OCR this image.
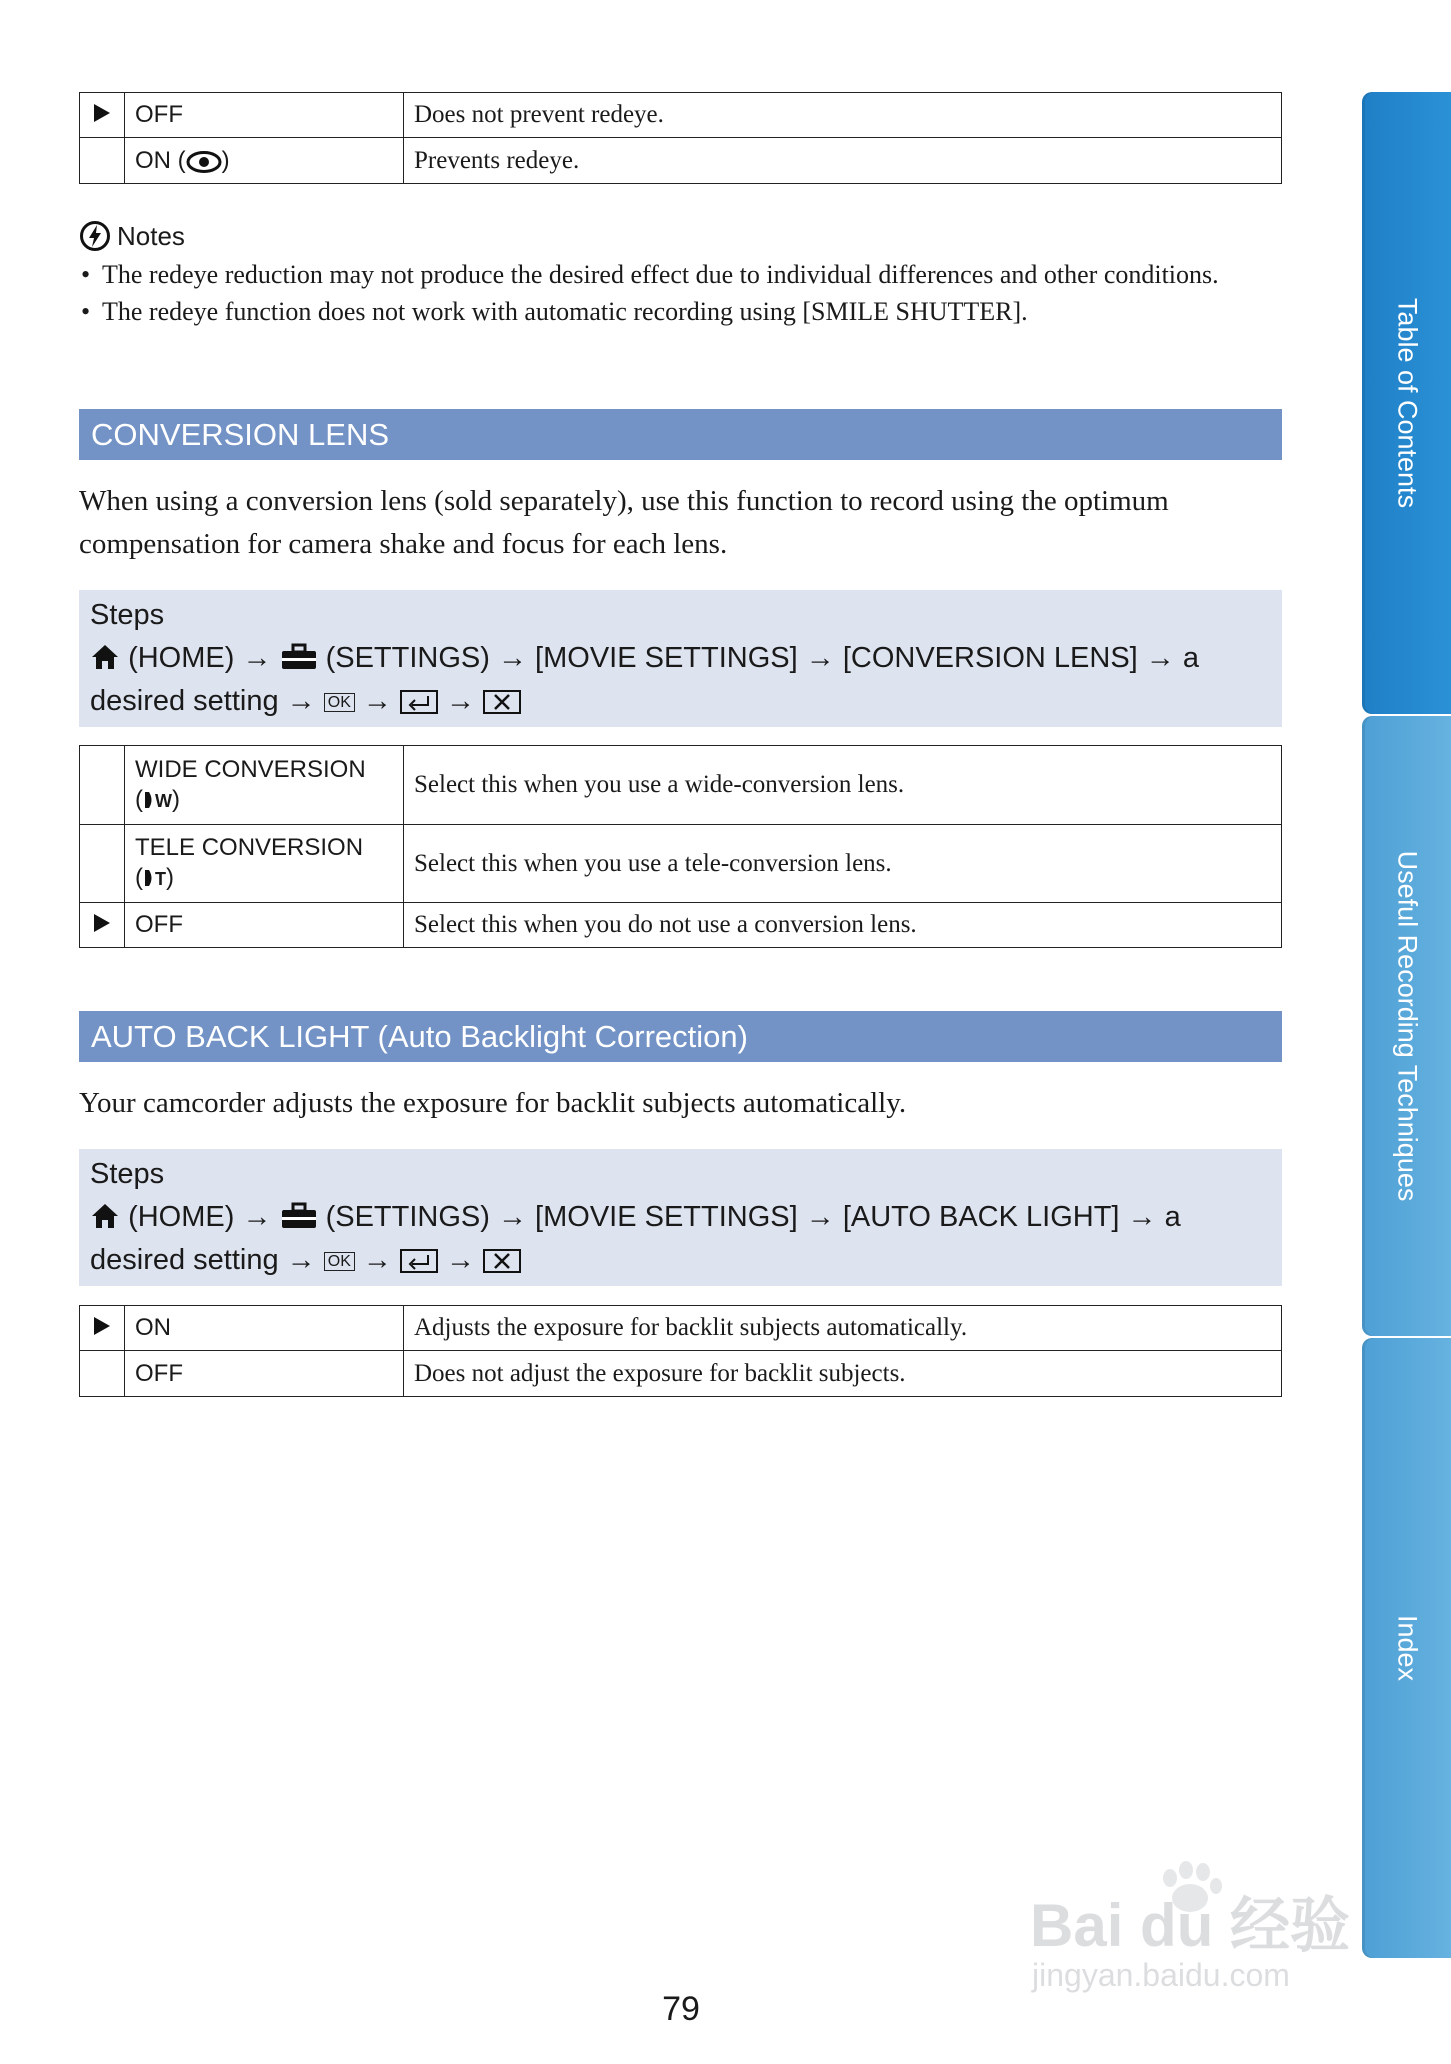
	OFF	Does not prevent redeye.
	ON ( )	Prevents redeye.
Notes
• The redeye reduction may not produce the desired effect due to individual differences and other conditions.
• The redeye function does not work with automatic recording using [SMILE SHUTTER].
CONVERSION LENS
When using a conversion lens (sold separately), use this function to record using the optimum compensation for camera shake and focus for each lens.
Steps
(HOME) →  (SETTINGS) → [MOVIE SETTINGS] → [CONVERSION LENS] → a desired setting → OK →  →

	WIDE CONVERSION
( W)	Select this when you use a wide-conversion lens.

	TELE CONVERSION
( T)	Select this when you use a tele-conversion lens.
	OFF	Select this when you do not use a conversion lens.
AUTO BACK LIGHT (Auto Backlight Correction)
Your camcorder adjusts the exposure for backlit subjects automatically.
Steps
(HOME) →  (SETTINGS) → [MOVIE SETTINGS] → [AUTO BACK LIGHT] → a desired setting → OK →  →
	ON	Adjusts the exposure for backlit subjects automatically.
	OFF	Does not adjust the exposure for backlit subjects.
Table of Contents
Useful Recording Techniques
Index
79
Bai du 经验
jingyan.baidu.com
